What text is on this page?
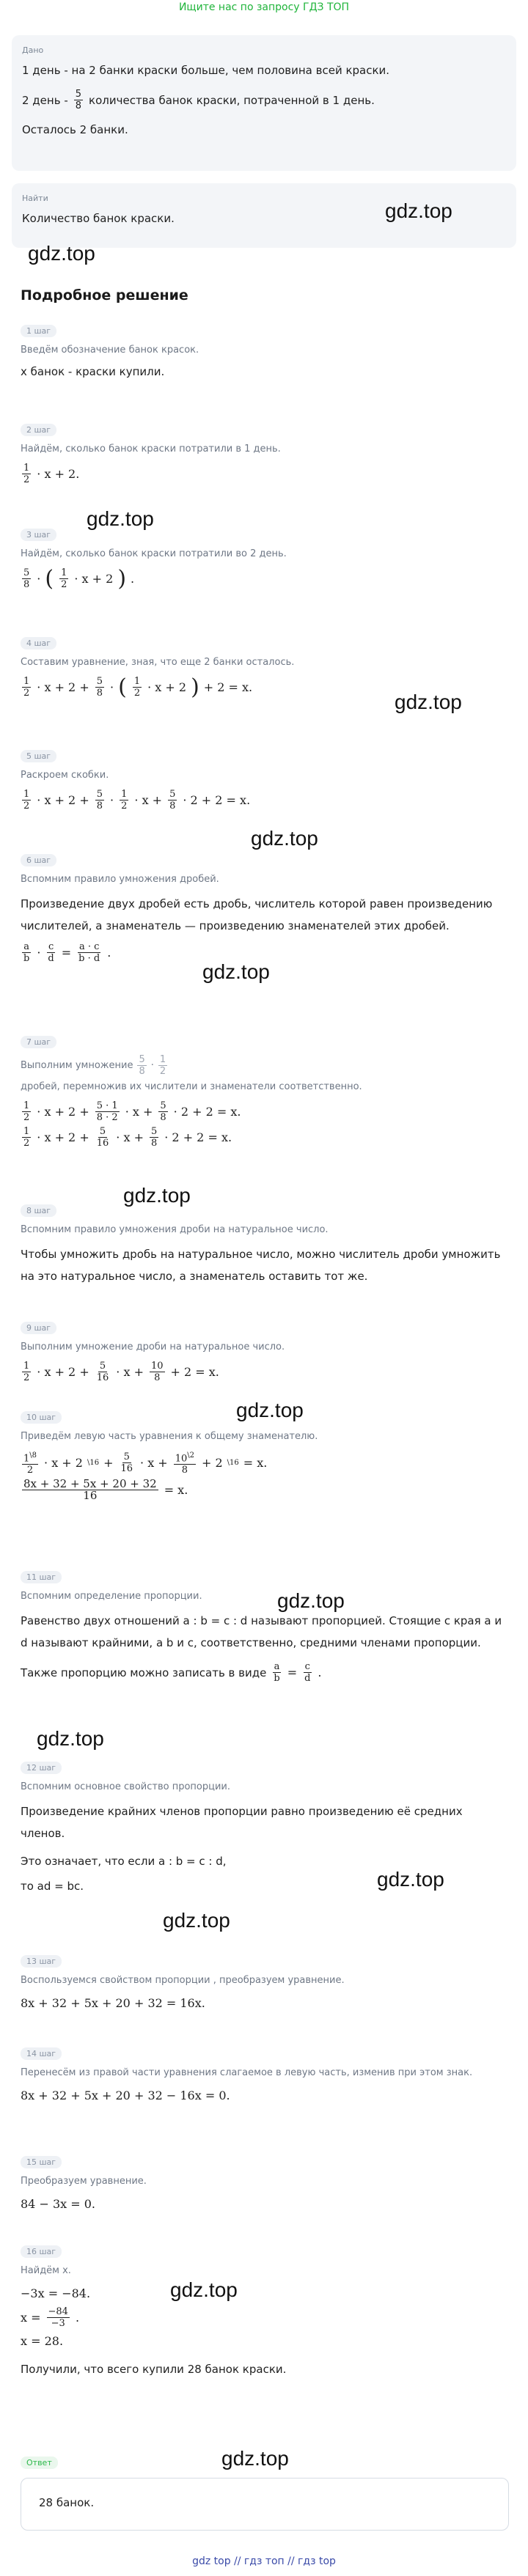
Ищите нас по запросу ГДЗ ТОП
Дано
1 день - на 2 банки краски больше, чем половина всей краски.
2 день - $\frac{5}{8}$ количества банок краски, потраченной в 1 день.
Осталось 2 банки.
Найти
Количество банок краски.	gdz.top
gdz.top
Подробное решение
1 шаг
Введём обозначение банок красок.
x банок - краски купили.
2 шаг
Найдём, сколько банок краски потратили в 1 день.
$\frac{1}{2} \cdot x + 2$.
3 шаг
Найдём, сколько банок краски потратили во 2 день.
$\frac{5}{8}$ · ( $\frac{1}{2} \cdot x + 2$ ) .
gdz.top
4 шаг
Составим уравнение, зная, что еще 2 банки осталось.
$\frac{1}{2} \cdot x + 2 + \frac{5}{8}$ · ( $\frac{1}{2} \cdot x + 2$ ) + 2 = x.
gdz.top
5 шаг
Раскроем скобки.
$\frac{1}{2} \cdot x + 2 + \frac{5}{8} \cdot \frac{1}{2} \cdot x + \frac{5}{8} \cdot 2 + 2 = x$.
gdz.top
6 шаг
Вспомним правило умножения дробей.
Произведение двух дробей есть дробь, числитель которой равен произведению числителей, а знаменатель — произведению знаменателей этих дробей.
$\frac{a}{b} \cdot \frac{c}{d} = \frac{a \cdot c}{b \cdot d}$ .
gdz.top
7 шаг
Выполним умножение $\frac{5}{8} \cdot \frac{1}{2}$
дробей, перемножив их числители и знаменатели соответственно.
$\frac{1}{2} \cdot x + 2 + \frac{5 \cdot 1}{8 \cdot 2} \cdot x + \frac{5}{8} \cdot 2 + 2 = x$.
$\frac{1}{2} \cdot x + 2 + \frac{5}{16} \cdot x + \frac{5}{8} \cdot 2 + 2 = x$.
gdz.top
8 шаг
Вспомним правило умножения дроби на натуральное число.
Чтобы умножить дробь на натуральное число, можно числитель дроби умножить на это натуральное число, а знаменатель оставить тот же.
9 шаг
Выполним умножение дроби на натуральное число.
$\frac{1}{2} \cdot x + 2 + \frac{5}{16} \cdot x + \frac{10}{8} + 2 = x$.
gdz.top
10 шаг
Приведём левую часть уравнения к общему знаменателю.
$\frac{1^{\backslash 8}}{2} \cdot x + 2$ \16 + $\frac{5}{16} \cdot x + \frac{10^{\backslash 2}}{8} + 2$ \16 = x.
$\frac{8x + 32 + 5x + 20 + 32}{16} = x$.
11 шаг
Вспомним определение пропорции.
Равенство двух отношений a : b = c : d называют пропорцией. Стоящие с края a и d называют крайними, а b и c, соответственно, средними членами пропорции.
Также пропорцию можно записать в виде $\frac{a}{b} = \frac{c}{d}$ .
gdz.top
gdz.top
12 шаг
Вспомним основное свойство пропорции.
Произведение крайних членов пропорции равно произведению её средних членов.
Это означает, что если a : b = c : d,
то ad = bc.	gdz.top
gdz.top
13 шаг
Воспользуемся свойством пропорции , преобразуем уравнение.
8x + 32 + 5x + 20 + 32 = 16x.
14 шаг
Перенесём из правой части уравнения слагаемое в левую часть, изменив при этом знак.
8x + 32 + 5x + 20 + 32 − 16x = 0.
15 шаг
Преобразуем уравнение.
84 − 3x = 0.
16 шаг
Найдём x.
−3x = −84.
$x = \frac{-84}{-3}$ .
x = 28.
Получили, что всего купили 28 банок краски.
gdz.top
gdz.top
Ответ
28 банок.
gdz top // гдз топ // гдз top
